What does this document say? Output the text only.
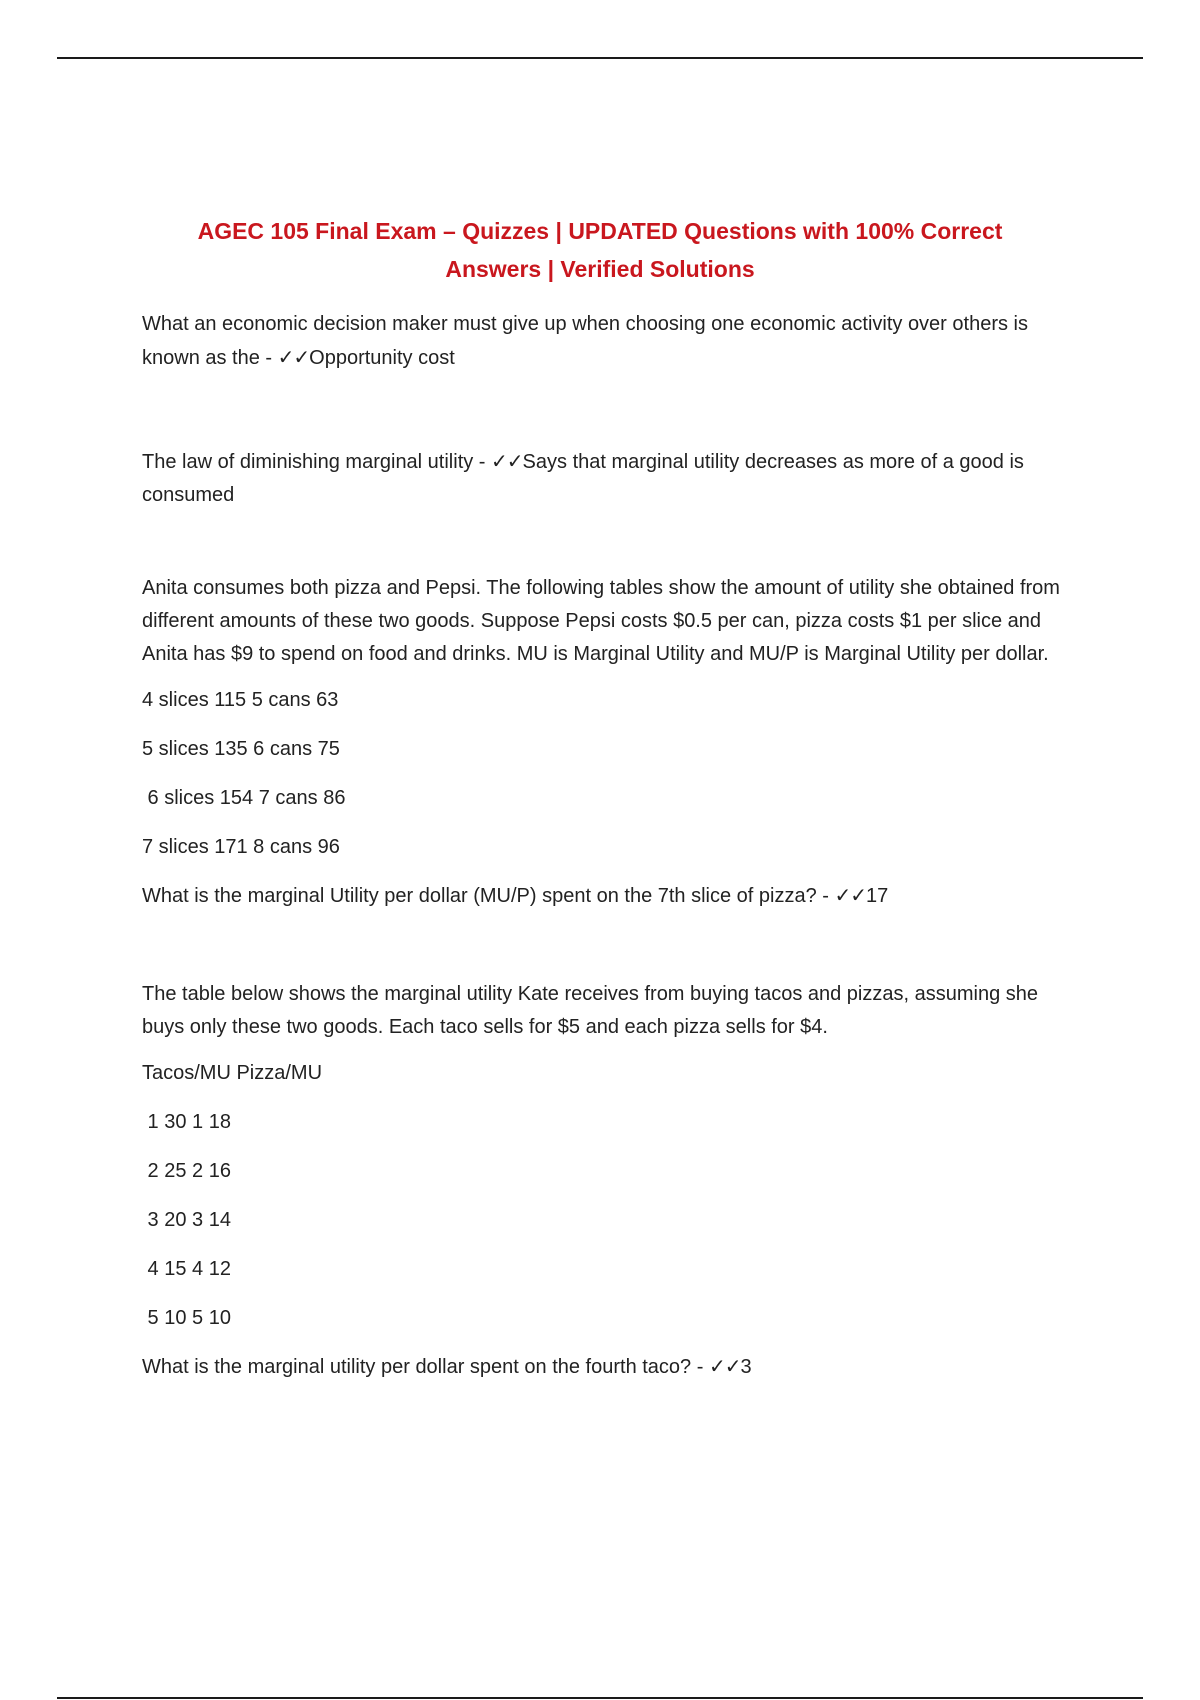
AGEC 105 Final Exam – Quizzes | UPDATED Questions with 100% Correct Answers | Verified Solutions

What an economic decision maker must give up when choosing one economic activity over others is known as the - ✓✓Opportunity cost

The law of diminishing marginal utility - ✓✓Says that marginal utility decreases as more of a good is consumed

Anita consumes both pizza and Pepsi. The following tables show the amount of utility she obtained from different amounts of these two goods. Suppose Pepsi costs $0.5 per can, pizza costs $1 per slice and Anita has $9 to spend on food and drinks. MU is Marginal Utility and MU/P is Marginal Utility per dollar.

4 slices 115 5 cans 63

5 slices 135 6 cans 75

6 slices 154 7 cans 86

7 slices 171 8 cans 96

What is the marginal Utility per dollar (MU/P) spent on the 7th slice of pizza? - ✓✓17

The table below shows the marginal utility Kate receives from buying tacos and pizzas, assuming she buys only these two goods. Each taco sells for $5 and each pizza sells for $4.

Tacos/MU Pizza/MU

1 30 1 18

2 25 2 16

3 20 3 14

4 15 4 12

5 10 5 10

What is the marginal utility per dollar spent on the fourth taco? - ✓✓3
